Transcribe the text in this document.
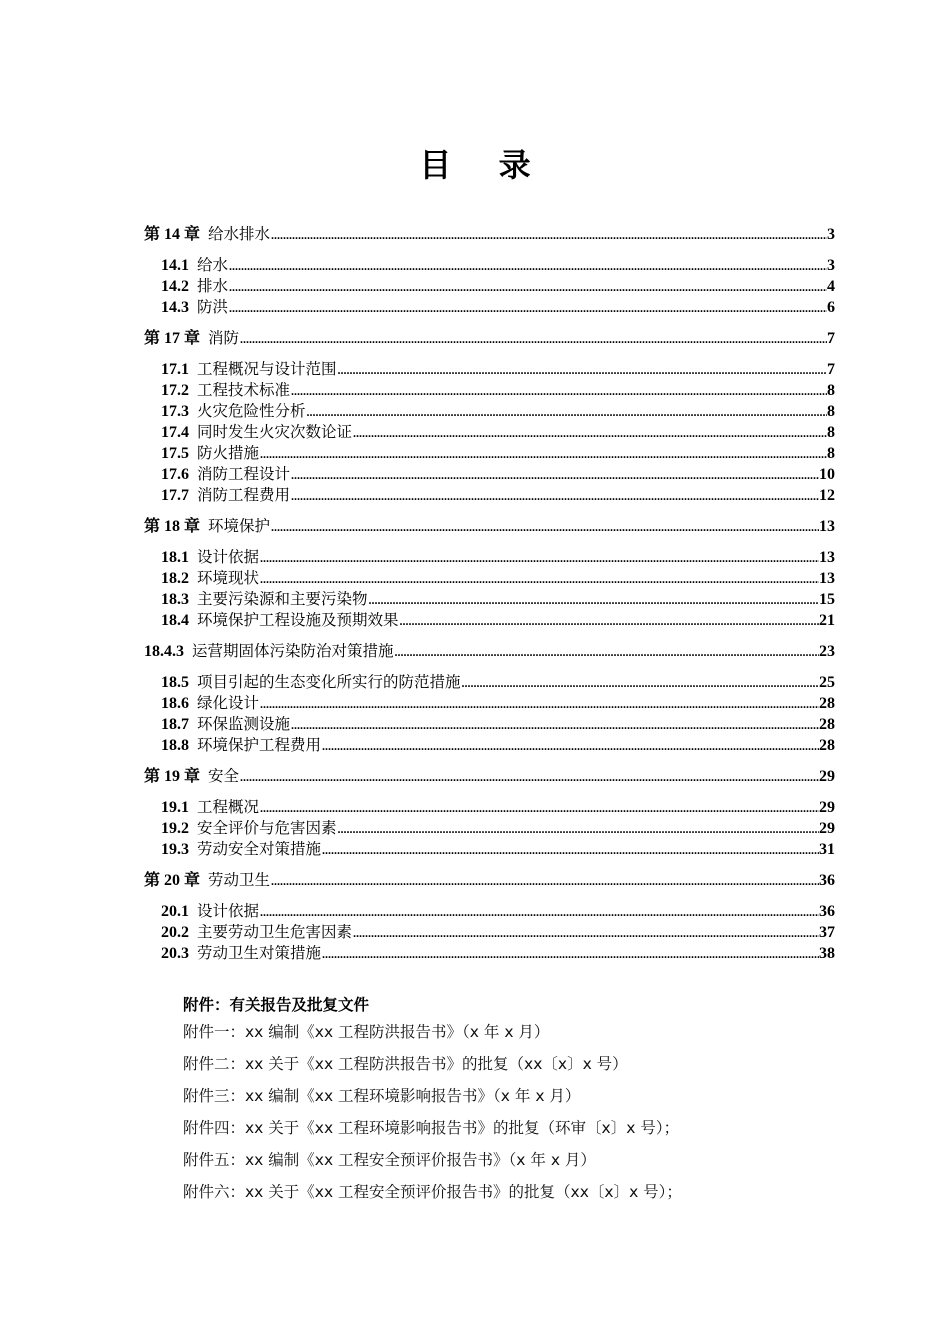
目 录
第 14 章 给水排水 .....	3
14.1 给水 .....	3
14.2 排水 .....	4
14.3 防洪 .....	6
第 17 章 消防 .....	7
17.1 工程概况与设计范围 .....	7
17.2 工程技术标准 .....	8
17.3 火灾危险性分析 .....	8
17.4 同时发生火灾次数论证 .....	8
17.5 防火措施 .....	8
17.6 消防工程设计 .....	10
17.7 消防工程费用 .....	12
第 18 章 环境保护 .....	13
18.1 设计依据 .....	13
18.2 环境现状 .....	13
18.3 主要污染源和主要污染物 .....	15
18.4 环境保护工程设施及预期效果 .....	21
18.4.3 运营期固体污染防治对策措施 .....	23
18.5 项目引起的生态变化所实行的防范措施 .....	25
18.6 绿化设计 .....	28
18.7 环保监测设施 .....	28
18.8 环境保护工程费用 .....	28
第 19 章 安全 .....	29
19.1 工程概况 .....	29
19.2 安全评价与危害因素 .....	29
19.3 劳动安全对策措施 .....	31
第 20 章 劳动卫生 .....	36
20.1 设计依据 .....	36
20.2 主要劳动卫生危害因素 .....	37
20.3 劳动卫生对策措施 .....	38
附件：有关报告及批复文件
附件一：xx 编制《xx 工程防洪报告书》（x 年 x 月）
附件二：xx 关于《xx 工程防洪报告书》的批复（xx〔x〕x 号）
附件三：xx 编制《xx 工程环境影响报告书》（x 年 x 月）
附件四：xx 关于《xx 工程环境影响报告书》的批复（环审〔x〕x 号）；
附件五：xx 编制《xx 工程安全预评价报告书》（x 年 x 月）
附件六：xx 关于《xx 工程安全预评价报告书》的批复（xx〔x〕x 号）；
